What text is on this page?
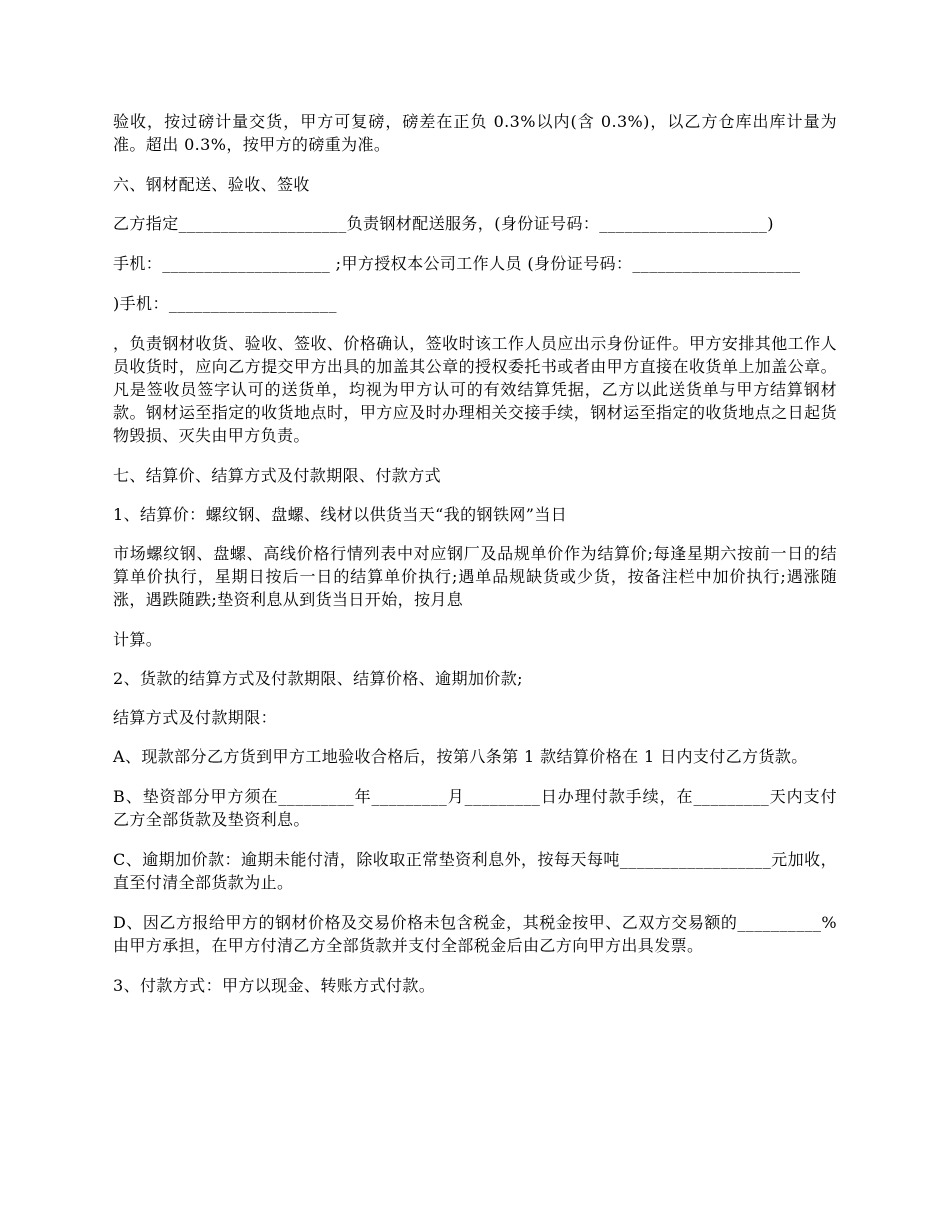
验收，按过磅计量交货，甲方可复磅，磅差在正负 0.3%以内(含 0.3%)，以乙方仓库出库计量为准。超出 0.3%，按甲方的磅重为准。

六、钢材配送、验收、签收

乙方指定____________________负责钢材配送服务，(身份证号码：____________________)

手机：____________________ ;甲方授权本公司工作人员 (身份证号码：____________________

)手机：____________________

，负责钢材收货、验收、签收、价格确认，签收时该工作人员应出示身份证件。甲方安排其他工作人员收货时，应向乙方提交甲方出具的加盖其公章的授权委托书或者由甲方直接在收货单上加盖公章。凡是签收员签字认可的送货单，均视为甲方认可的有效结算凭据，乙方以此送货单与甲方结算钢材款。钢材运至指定的收货地点时，甲方应及时办理相关交接手续，钢材运至指定的收货地点之日起货物毁损、灭失由甲方负责。

七、结算价、结算方式及付款期限、付款方式

1、结算价：螺纹钢、盘螺、线材以供货当天“我的钢铁网”当日

市场螺纹钢、盘螺、高线价格行情列表中对应钢厂及品规单价作为结算价;每逢星期六按前一日的结算单价执行，星期日按后一日的结算单价执行;遇单品规缺货或少货，按备注栏中加价执行;遇涨随涨，遇跌随跌;垫资利息从到货当日开始，按月息

计算。

2、货款的结算方式及付款期限、结算价格、逾期加价款;

结算方式及付款期限：

A、现款部分乙方货到甲方工地验收合格后，按第八条第 1 款结算价格在 1 日内支付乙方货款。

B、垫资部分甲方须在_________年_________月_________日办理付款手续，在_________天内支付乙方全部货款及垫资利息。

C、逾期加价款：逾期未能付清，除收取正常垫资利息外，按每天每吨__________________元加收，直至付清全部货款为止。

D、因乙方报给甲方的钢材价格及交易价格未包含税金，其税金按甲、乙双方交易额的__________%由甲方承担，在甲方付清乙方全部货款并支付全部税金后由乙方向甲方出具发票。

3、付款方式：甲方以现金、转账方式付款。
